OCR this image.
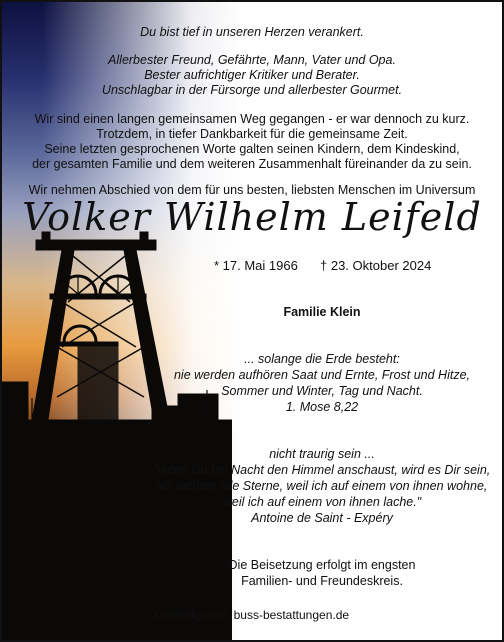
Du bist tief in unseren Herzen verankert.
Allerbester Freund, Gefährte, Mann, Vater und Opa.
Bester aufrichtiger Kritiker und Berater.
Unschlagbar in der Fürsorge und allerbester Gourmet.
Wir sind einen langen gemeinsamen Weg gegangen - er war dennoch zu kurz.
Trotzdem, in tiefer Dankbarkeit für die gemeinsame Zeit.
Seine letzten gesprochenen Worte galten seinen Kindern, dem Kindeskind,
der gesamten Familie und dem weiteren Zusammenhalt füreinander da zu sein.
Wir nehmen Abschied von dem für uns besten, liebsten Menschen im Universum
Volker Wilhelm Leifeld
* 17. Mai 1966 † 23. Oktober 2024
Familie Klein
... solange die Erde besteht:
nie werden aufhören Saat und Ernte, Frost und Hitze,
Sommer und Winter, Tag und Nacht.
1. Mose 8,22
nicht traurig sein ...
"wenn Du bei Nacht den Himmel anschaust, wird es Dir sein,
als lachten alle Sterne, weil ich auf einem von ihnen wohne,
weil ich auf einem von ihnen lache."
Antoine de Saint - Expéry
Die Beisetzung erfolgt im engsten
Familien- und Freundeskreis.
Gedenkportal: buss-bestattungen.de
